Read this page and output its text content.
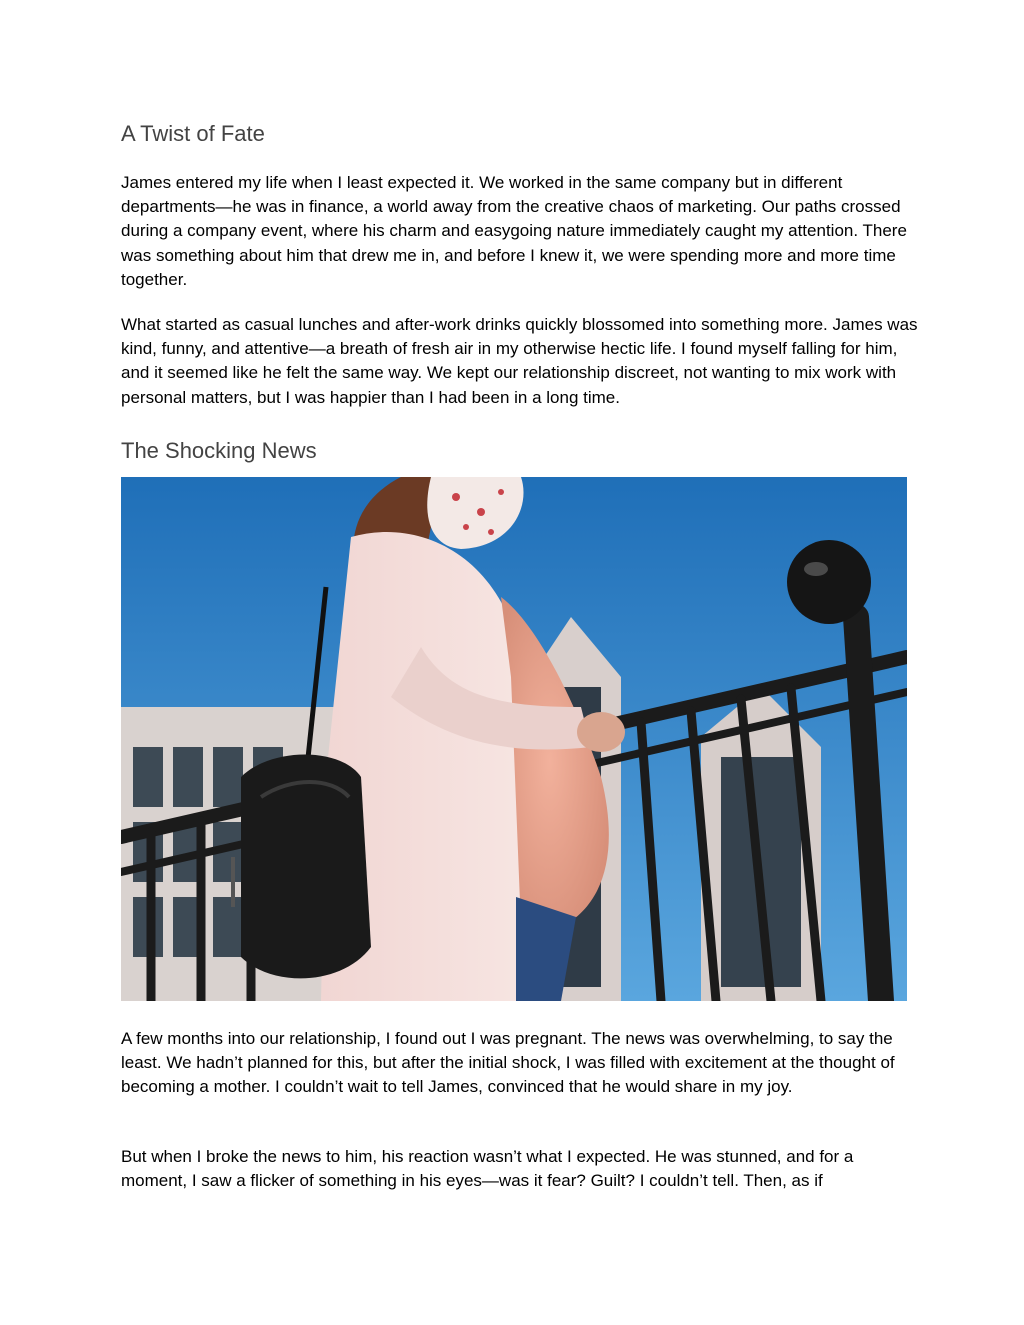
A Twist of Fate

James entered my life when I least expected it. We worked in the same company but in different departments—he was in finance, a world away from the creative chaos of marketing. Our paths crossed during a company event, where his charm and easygoing nature immediately caught my attention. There was something about him that drew me in, and before I knew it, we were spending more and more time together.

What started as casual lunches and after-work drinks quickly blossomed into something more. James was kind, funny, and attentive—a breath of fresh air in my otherwise hectic life. I found myself falling for him, and it seemed like he felt the same way. We kept our relationship discreet, not wanting to mix work with personal matters, but I was happier than I had been in a long time.

The Shocking News

A few months into our relationship, I found out I was pregnant. The news was overwhelming, to say the least. We hadn’t planned for this, but after the initial shock, I was filled with excitement at the thought of becoming a mother. I couldn’t wait to tell James, convinced that he would share in my joy.

But when I broke the news to him, his reaction wasn’t what I expected. He was stunned, and for a moment, I saw a flicker of something in his eyes—was it fear? Guilt? I couldn’t tell. Then, as if
